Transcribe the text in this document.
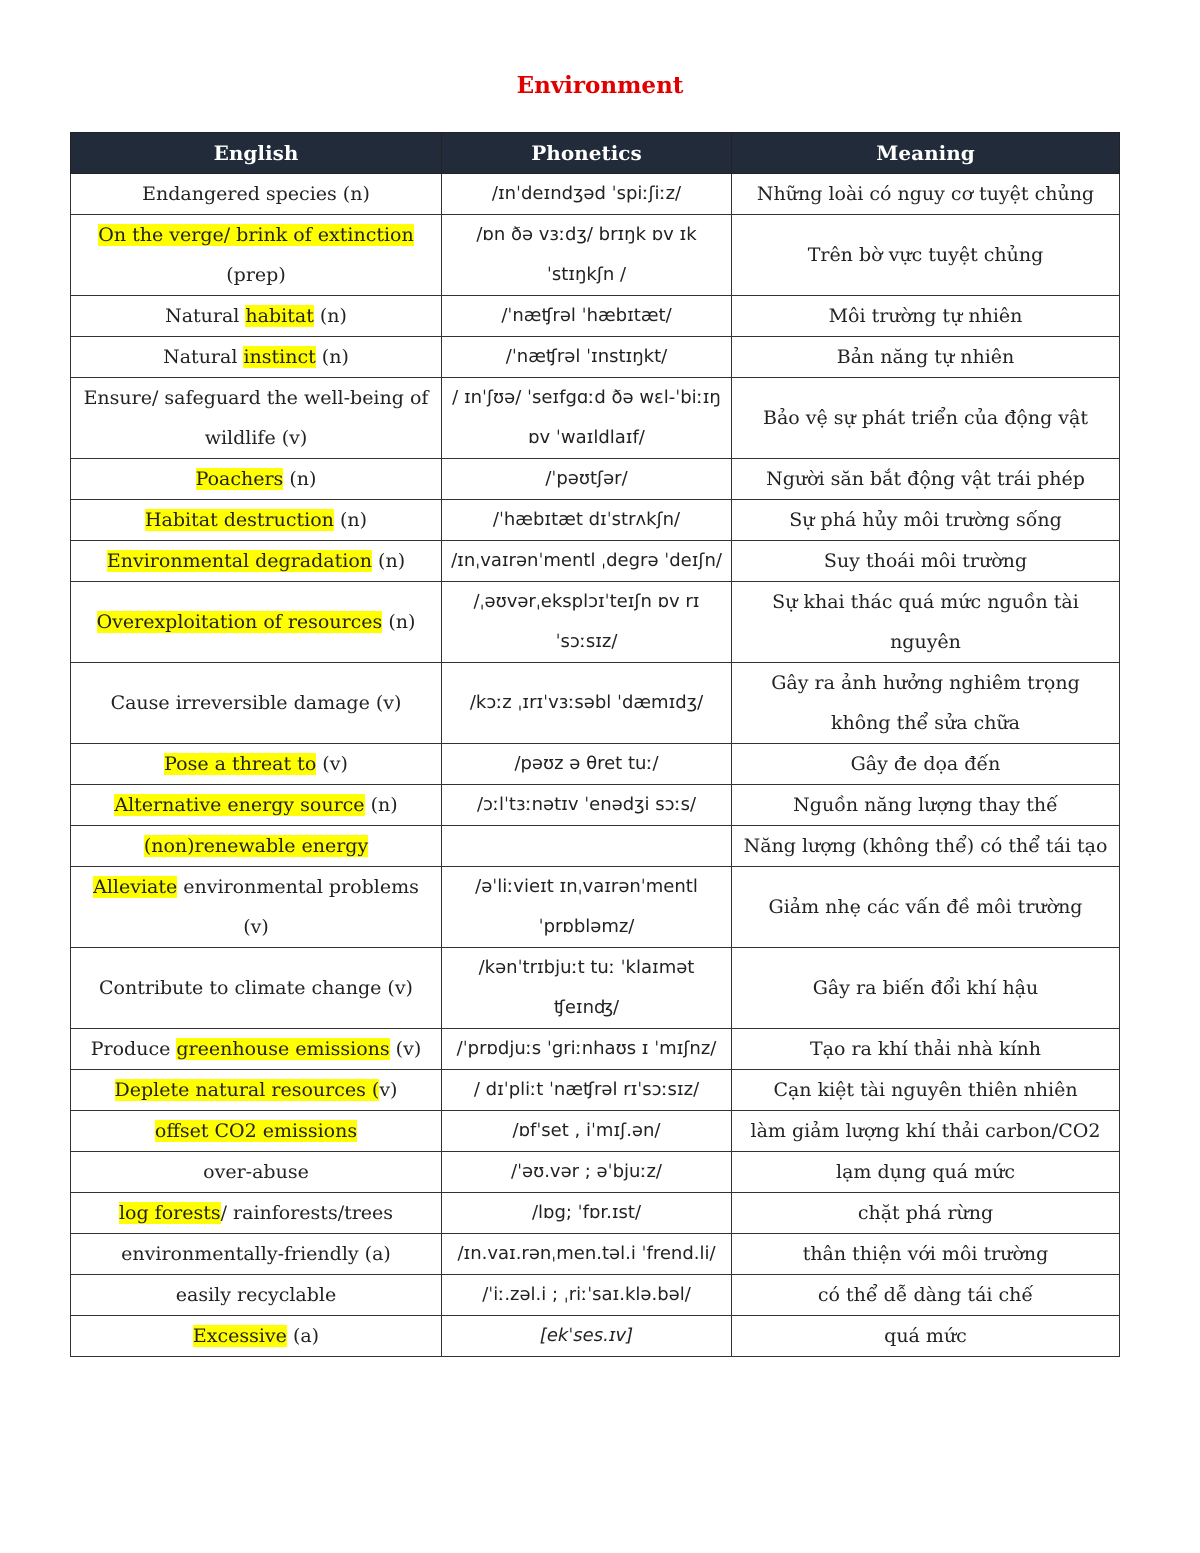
Environment
English	Phonetics	Meaning
Endangered species (n)	/ɪnˈdeɪndʒəd ˈspiːʃiːz/	Những loài có nguy cơ tuyệt chủng
On the verge/ brink of extinction (prep)	/ɒn ðə vɜːdʒ/ brɪŋk ɒv ɪk ˈstɪŋkʃn /	Trên bờ vực tuyệt chủng
Natural habitat (n)	/ˈnæʧrəl ˈhæbɪtæt/	Môi trường tự nhiên
Natural instinct (n)	/ˈnæʧrəl ˈɪnstɪŋkt/	Bản năng tự nhiên
Ensure/ safeguard the well-being of wildlife (v)	/ ɪnˈʃʊə/ ˈseɪfgɑːd ðə wɛl-ˈbiːɪŋ ɒv ˈwaɪldlaɪf/	Bảo vệ sự phát triển của động vật
Poachers (n)	/ˈpəʊtʃər/	Người săn bắt động vật trái phép
Habitat destruction (n)	/ˈhæbɪtæt dɪˈstrʌkʃn/	Sự phá hủy môi trường sống
Environmental degradation (n)	/ɪnˌvaɪrənˈmentl ˌdegrə ˈdeɪʃn/	Suy thoái môi trường
Overexploitation of resources (n)	/ˌəʊvərˌeksplɔɪˈteɪʃn ɒv rɪ ˈsɔːsɪz/	Sự khai thác quá mức nguồn tài nguyên
Cause irreversible damage (v)	/kɔːz ˌɪrɪˈvɜːsəbl ˈdæmɪdʒ/	Gây ra ảnh hưởng nghiêm trọng không thể sửa chữa
Pose a threat to (v)	/pəʊz ə θret tuː/	Gây đe dọa đến
Alternative energy source (n)	/ɔːlˈtɜːnətɪv ˈenədʒi sɔːs/	Nguồn năng lượng thay thế
(non)renewable energy		Năng lượng (không thể) có thể tái tạo
Alleviate environmental problems (v)	/əˈliːvieɪt ɪnˌvaɪrənˈmentl ˈprɒbləmz/	Giảm nhẹ các vấn đề môi trường
Contribute to climate change (v)	/kənˈtrɪbjuːt tuː ˈklaɪmət ʧeɪnʤ/	Gây ra biến đổi khí hậu
Produce greenhouse emissions (v)	/ˈprɒdjuːs ˈgriːnhaʊs ɪ ˈmɪʃnz/	Tạo ra khí thải nhà kính
Deplete natural resources (v)	/ dɪˈpliːt ˈnæʧrəl rɪˈsɔːsɪz/	Cạn kiệt tài nguyên thiên nhiên
offset CO2 emissions	/ɒfˈset , iˈmɪʃ.ən/	làm giảm lượng khí thải carbon/CO2
over-abuse	/ˈəʊ.vər ; əˈbjuːz/	lạm dụng quá mức
log forests/ rainforests/trees	/lɒg; ˈfɒr.ɪst/	chặt phá rừng
environmentally-friendly (a)	/ɪn.vaɪ.rənˌmen.təl.i ˈfrend.li/	thân thiện với môi trường
easily recyclable	/ˈiː.zəl.i ; ˌriːˈsaɪ.klə.bəl/	có thể dễ dàng tái chế
Excessive (a)	[ekˈses.ɪv]	quá mức
